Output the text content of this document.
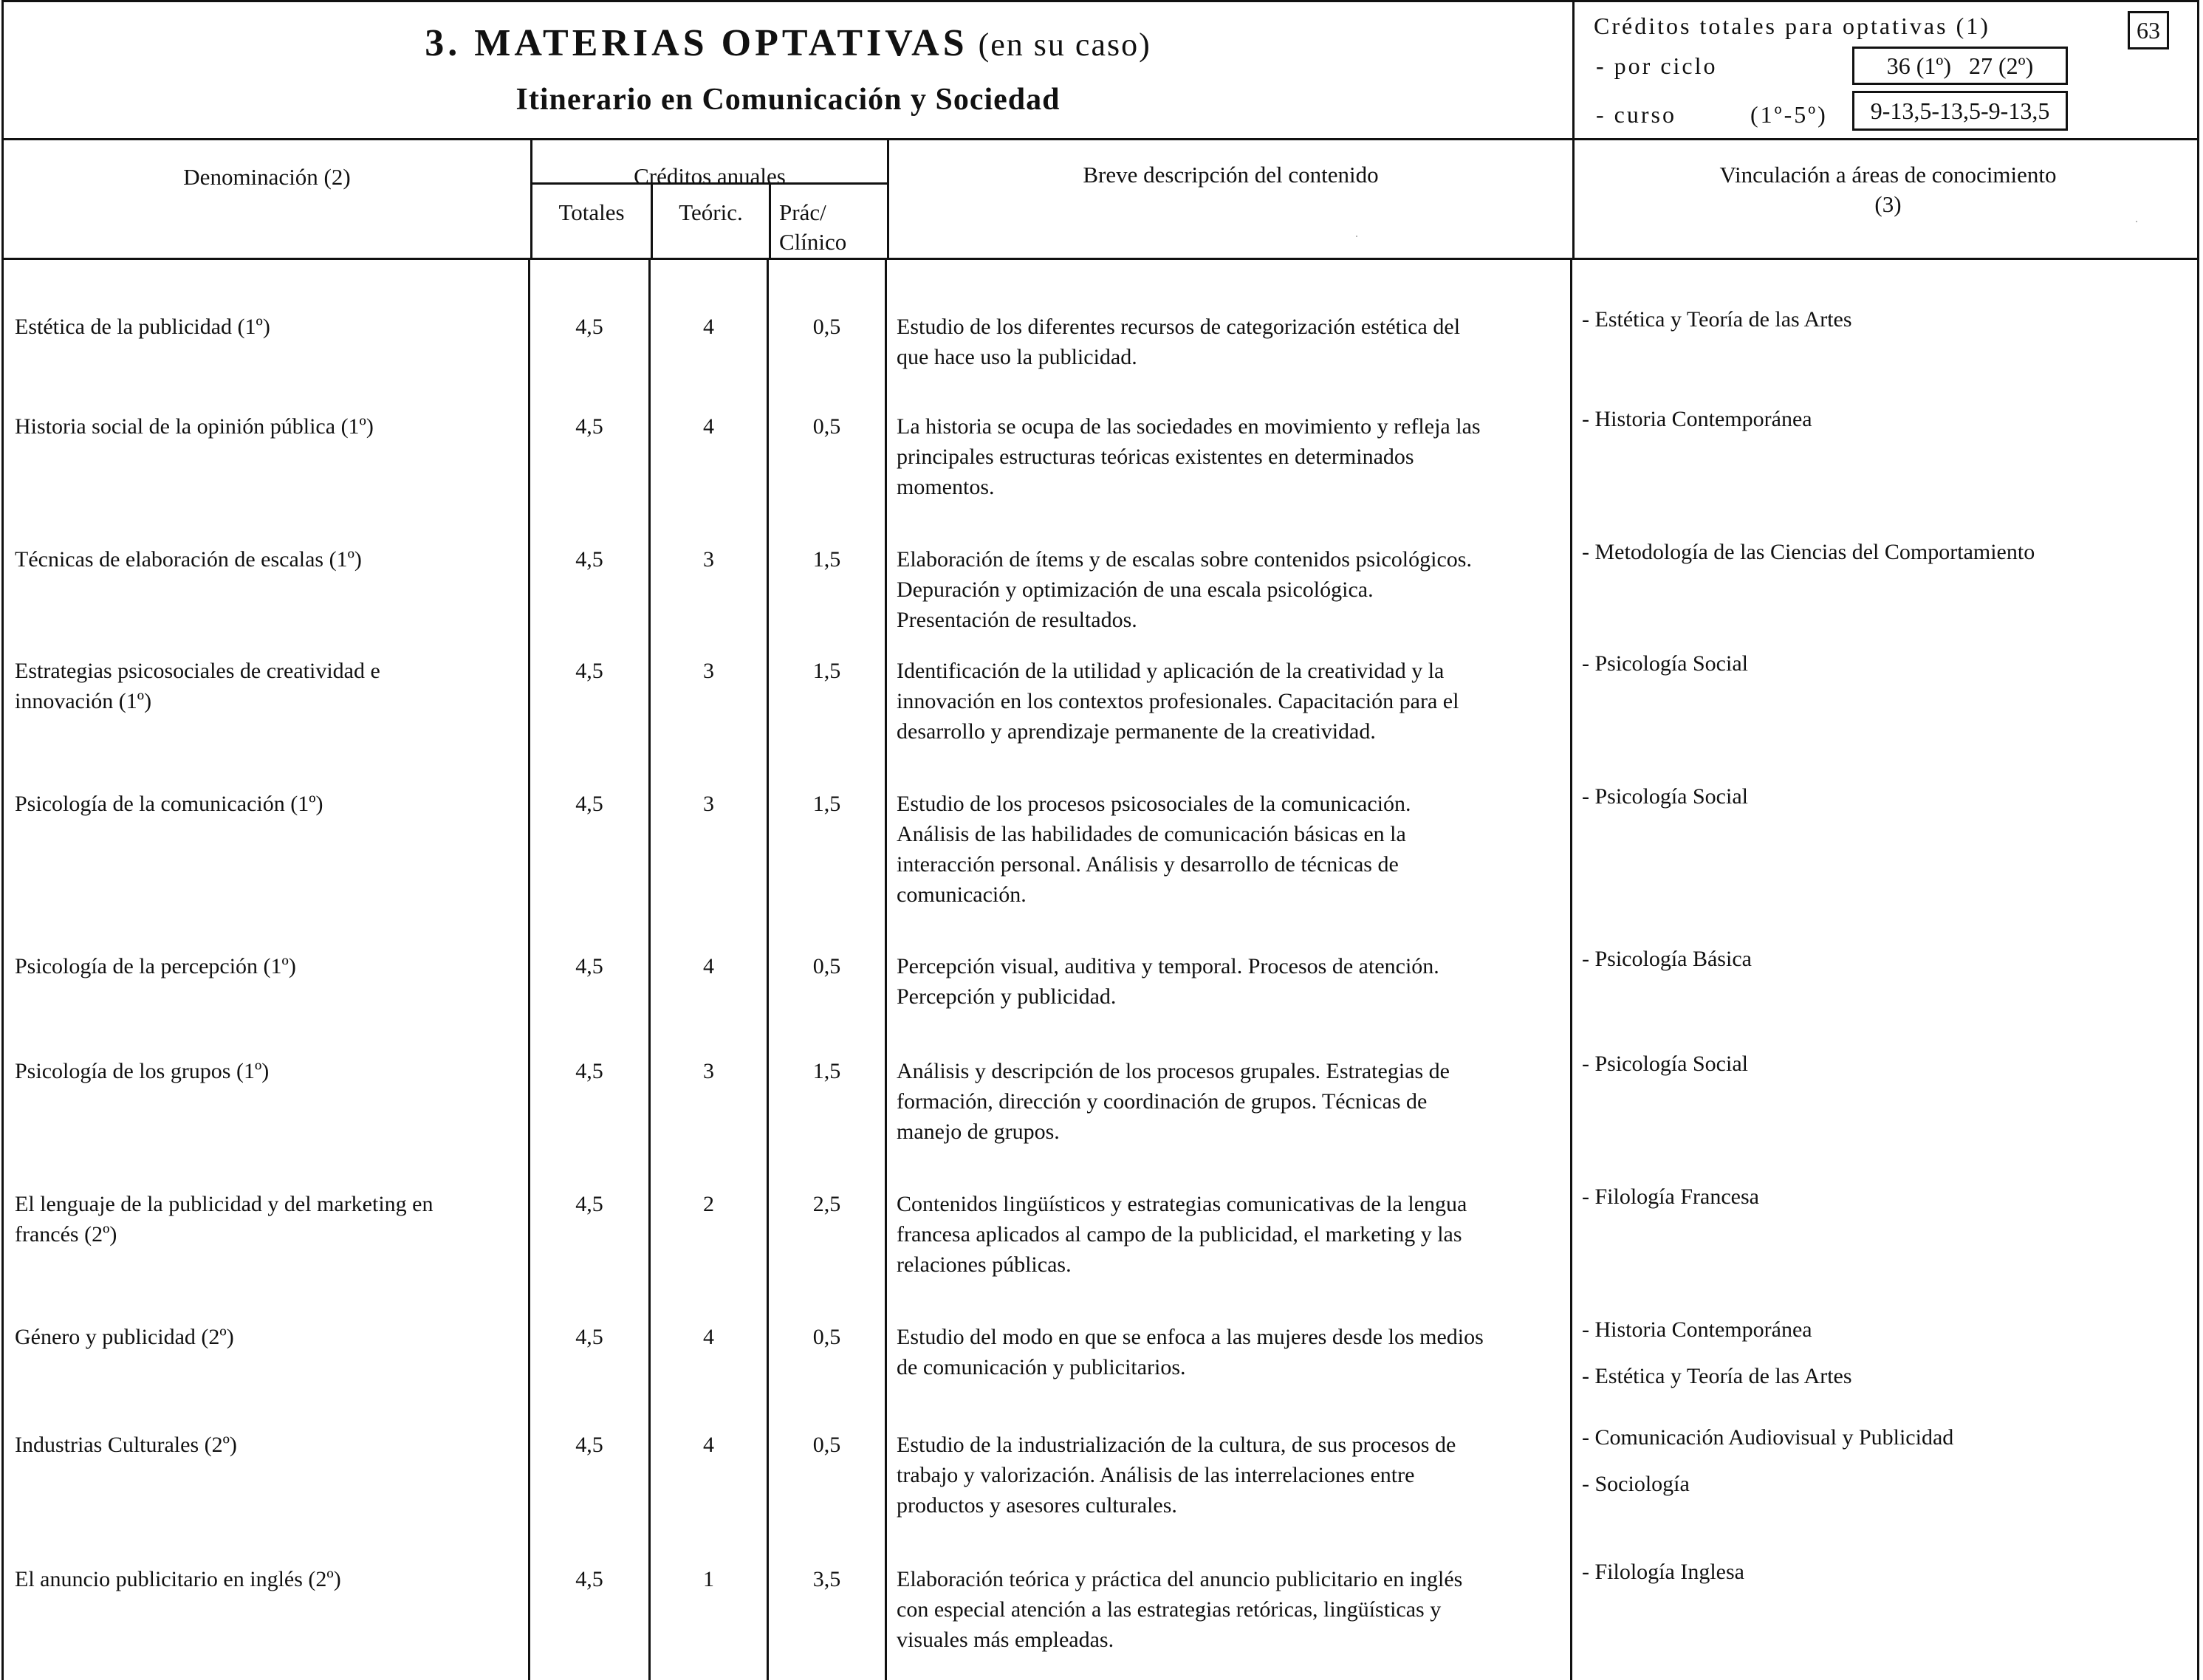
3. MATERIAS OPTATIVAS (en su caso)
Itinerario en Comunicación y Sociedad
Créditos totales para optativas (1)	63
- por ciclo	36 (1º)   27 (2º)
- curso	(1º-5º)	9-13,5-13,5-9-13,5
Denominación (2)	Créditos anuales
Totales	Teóric.	Prác/
Clínico
Breve descripción del contenido	Vinculación a áreas de conocimiento
(3)
Estética de la publicidad (1º)	4,5	4	0,5	Estudio de los diferentes recursos de categorización estética del
que hace uso la publicidad.
- Estética y Teoría de las Artes
Historia social de la opinión pública (1º)	4,5	4	0,5	La historia se ocupa de las sociedades en movimiento y refleja las
principales estructuras teóricas existentes en determinados
momentos.
- Historia Contemporánea
Técnicas de elaboración de escalas (1º)	4,5	3	1,5	Elaboración de ítems y de escalas sobre contenidos psicológicos.
Depuración y optimización de una escala psicológica.
Presentación de resultados.
- Metodología de las Ciencias del Comportamiento
Estrategias psicosociales de creatividad e
innovación (1º)
4,5	3	1,5	Identificación de la utilidad y aplicación de la creatividad y la
innovación en los contextos profesionales. Capacitación para el
desarrollo y aprendizaje permanente de la creatividad.
- Psicología Social
Psicología de la comunicación (1º)	4,5	3	1,5	Estudio de los procesos psicosociales de la comunicación.
Análisis de las habilidades de comunicación básicas en la
interacción personal. Análisis y desarrollo de técnicas de
comunicación.
- Psicología Social
Psicología de la percepción (1º)	4,5	4	0,5	Percepción visual, auditiva y temporal. Procesos de atención.
Percepción y publicidad.
- Psicología Básica
Psicología de los grupos (1º)	4,5	3	1,5	Análisis y descripción de los procesos grupales. Estrategias de
formación, dirección y coordinación de grupos. Técnicas de
manejo de grupos.
- Psicología Social
El lenguaje de la publicidad y del marketing en
francés (2º)
4,5	2	2,5	Contenidos lingüísticos y estrategias comunicativas de la lengua
francesa aplicados al campo de la publicidad, el marketing y las
relaciones públicas.
- Filología Francesa
Género y publicidad (2º)	4,5	4	0,5	Estudio del modo en que se enfoca a las mujeres desde los medios
de comunicación y publicitarios.
- Historia Contemporánea
- Estética y Teoría de las Artes
Industrias Culturales (2º)	4,5	4	0,5	Estudio de la industrialización de la cultura, de sus procesos de
trabajo y valorización. Análisis de las interrelaciones entre
productos y asesores culturales.
- Comunicación Audiovisual y Publicidad
- Sociología
El anuncio publicitario en inglés (2º)	4,5	1	3,5	Elaboración teórica y práctica del anuncio publicitario en inglés
con especial atención a las estrategias retóricas, lingüísticas y
visuales más empleadas.
- Filología Inglesa
·
·
